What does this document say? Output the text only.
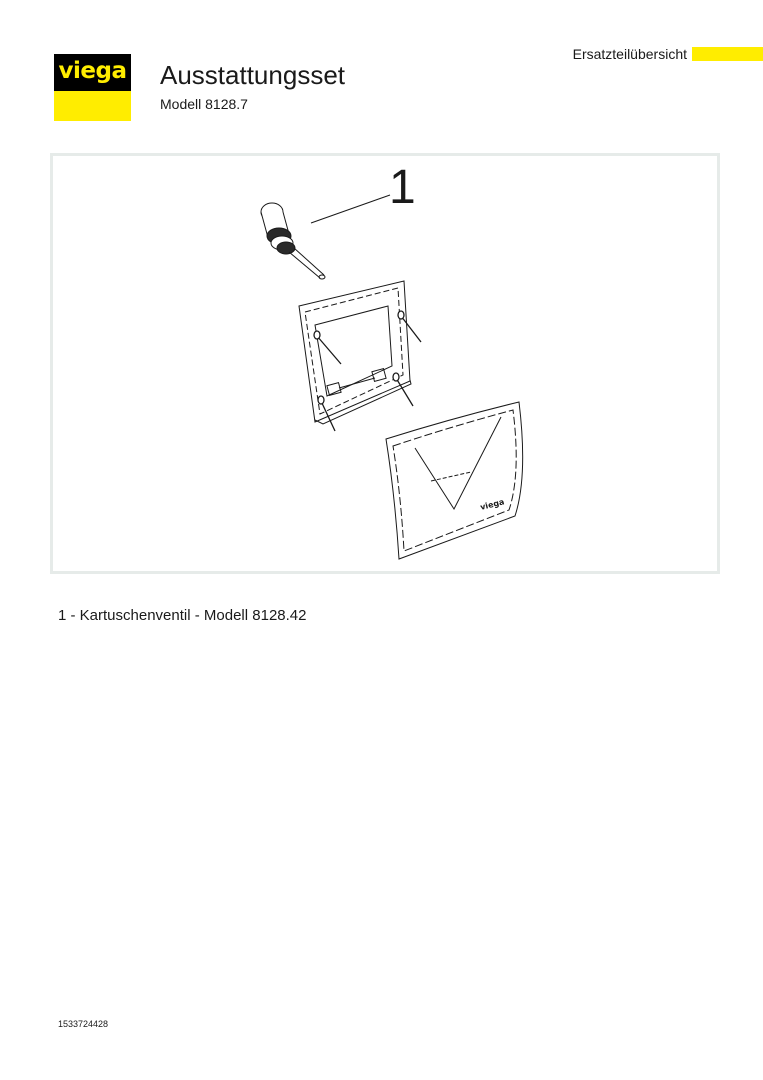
viega Ausstattungsset
Modell 8128.7
Ersatzteilübersicht
viega
1
1 - Kartuschenventil - Modell 8128.42
1533724428
